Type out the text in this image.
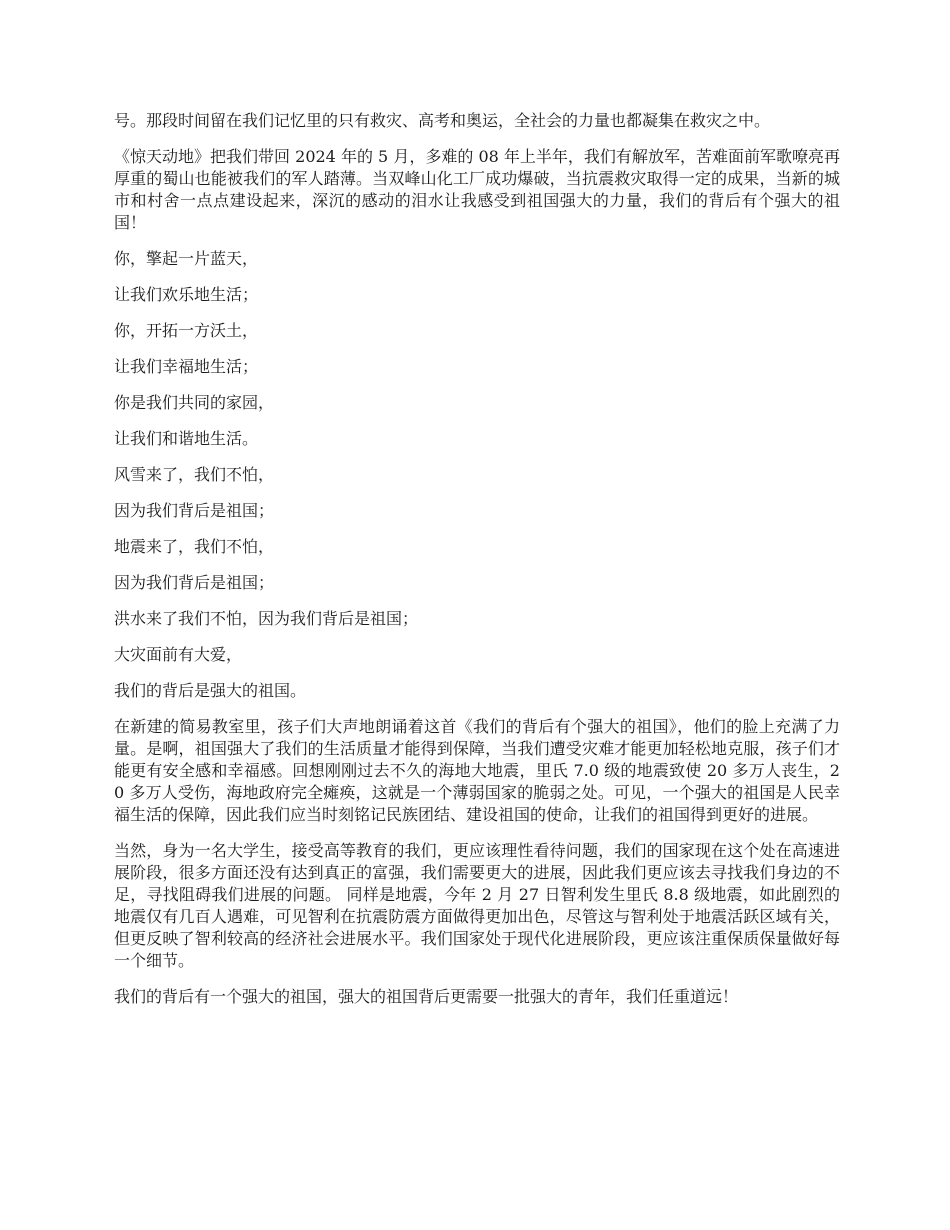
号。那段时间留在我们记忆里的只有救灾、高考和奥运，全社会的力量也都凝集在救灾之中。

《惊天动地》把我们带回 2024 年的 5 月，多难的 08 年上半年，我们有解放军，苦难面前军歌嘹亮再厚重的蜀山也能被我们的军人踏薄。当双峰山化工厂成功爆破，当抗震救灾取得一定的成果，当新的城市和村舍一点点建设起来，深沉的感动的泪水让我感受到祖国强大的力量，我们的背后有个强大的祖国！

你，擎起一片蓝天，

让我们欢乐地生活；

你，开拓一方沃土，

让我们幸福地生活；

你是我们共同的家园，

让我们和谐地生活。

风雪来了，我们不怕，

因为我们背后是祖国；

地震来了，我们不怕，

因为我们背后是祖国；

洪水来了我们不怕，因为我们背后是祖国；

大灾面前有大爱，

我们的背后是强大的祖国。

在新建的简易教室里，孩子们大声地朗诵着这首《我们的背后有个强大的祖国》，他们的脸上充满了力量。是啊，祖国强大了我们的生活质量才能得到保障，当我们遭受灾难才能更加轻松地克服，孩子们才能更有安全感和幸福感。回想刚刚过去不久的海地大地震，里氏 7.0 级的地震致使 20 多万人丧生，20 多万人受伤，海地政府完全瘫痪，这就是一个薄弱国家的脆弱之处。可见，一个强大的祖国是人民幸福生活的保障，因此我们应当时刻铭记民族团结、建设祖国的使命，让我们的祖国得到更好的进展。

当然，身为一名大学生，接受高等教育的我们，更应该理性看待问题，我们的国家现在这个处在高速进展阶段，很多方面还没有达到真正的富强，我们需要更大的进展，因此我们更应该去寻找我们身边的不足，寻找阻碍我们进展的问题。 同样是地震，今年 2 月 27 日智利发生里氏 8.8 级地震，如此剧烈的地震仅有几百人遇难，可见智利在抗震防震方面做得更加出色，尽管这与智利处于地震活跃区域有关，但更反映了智利较高的经济社会进展水平。我们国家处于现代化进展阶段，更应该注重保质保量做好每一个细节。

我们的背后有一个强大的祖国，强大的祖国背后更需要一批强大的青年，我们任重道远！
